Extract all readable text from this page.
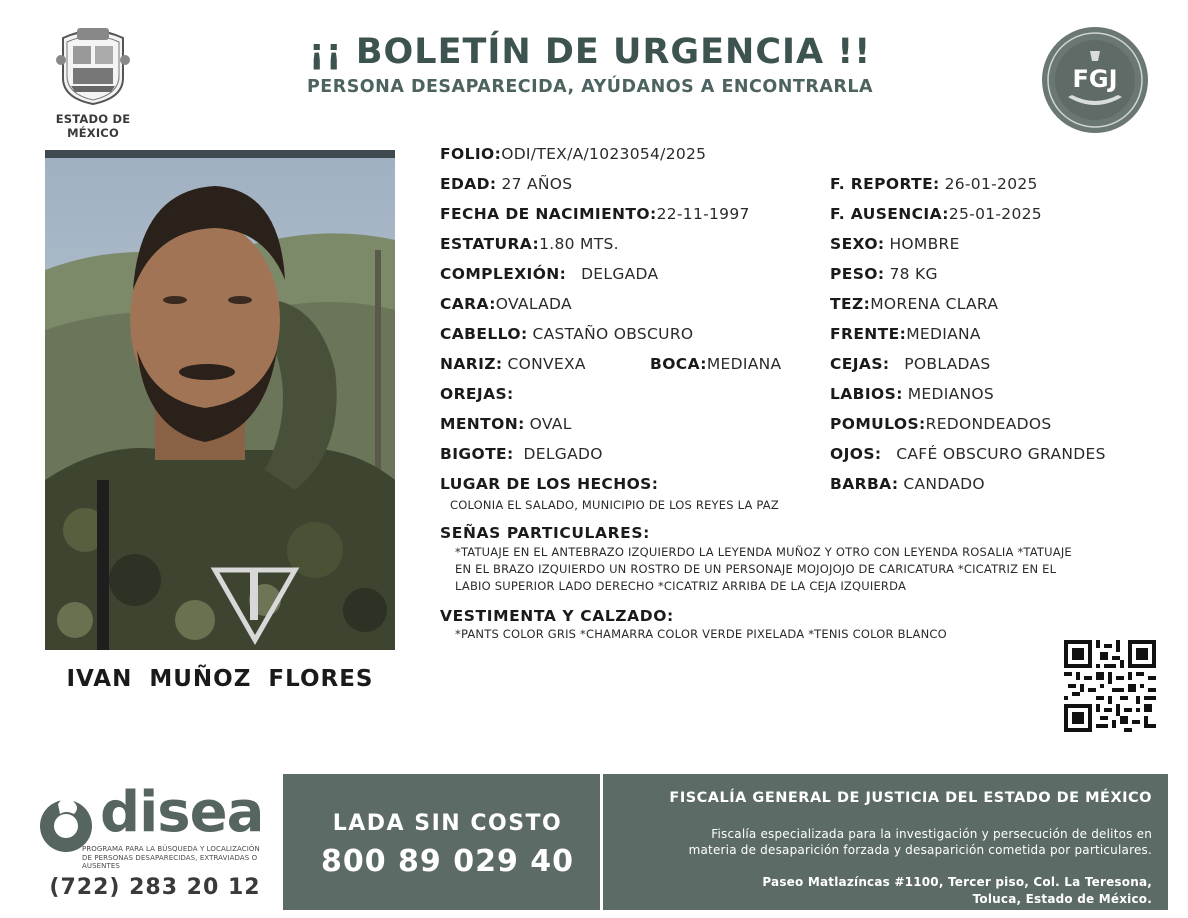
ESTADO DE MÉXICO
¡¡ BOLETÍN DE URGENCIA !!
PERSONA DESAPARECIDA, AYÚDANOS A ENCONTRARLA	FGJ
IVAN MUÑOZ FLORES
FOLIO:ODI/TEX/A/1023054/2025
EDAD: 27 AÑOS
FECHA DE NACIMIENTO:22-11-1997
ESTATURA:1.80 MTS.
COMPLEXIÓN: DELGADA
CARA:OVALADA
CABELLO: CASTAÑO OBSCURO
NARIZ: CONVEXA	BOCA:MEDIANA
OREJAS:
MENTON: OVAL
BIGOTE: DELGADO
LUGAR DE LOS HECHOS:
COLONIA EL SALADO, MUNICIPIO DE LOS REYES LA PAZ
F. REPORTE: 26-01-2025
F. AUSENCIA:25-01-2025
SEXO: HOMBRE
PESO: 78 KG
TEZ:MORENA CLARA
FRENTE:MEDIANA
CEJAS: POBLADAS
LABIOS: MEDIANOS
POMULOS:REDONDEADOS
OJOS: CAFÉ OBSCURO GRANDES
BARBA: CANDADO
SEÑAS PARTICULARES:
*TATUAJE EN EL ANTEBRAZO IZQUIERDO LA LEYENDA MUÑOZ Y OTRO CON LEYENDA ROSALIA *TATUAJE
EN EL BRAZO IZQUIERDO UN ROSTRO DE UN PERSONAJE MOJOJOJO DE CARICATURA *CICATRIZ EN EL
LABIO SUPERIOR LADO DERECHO *CICATRIZ ARRIBA DE LA CEJA IZQUIERDA
VESTIMENTA Y CALZADO:
*PANTS COLOR GRIS *CHAMARRA COLOR VERDE PIXELADA *TENIS COLOR BLANCO
disea
PROGRAMA PARA LA BÚSQUEDA Y LOCALIZACIÓN DE PERSONAS DESAPARECIDAS, EXTRAVIADAS O AUSENTES
(722) 283 20 12
LADA SIN COSTO
800 89 029 40
FISCALÍA GENERAL DE JUSTICIA DEL ESTADO DE MÉXICO
Fiscalía especializada para la investigación y persecución de delitos en
materia de desaparición forzada y desaparición cometida por particulares.
Paseo Matlazíncas #1100, Tercer piso, Col. La Teresona,
Toluca, Estado de México.
